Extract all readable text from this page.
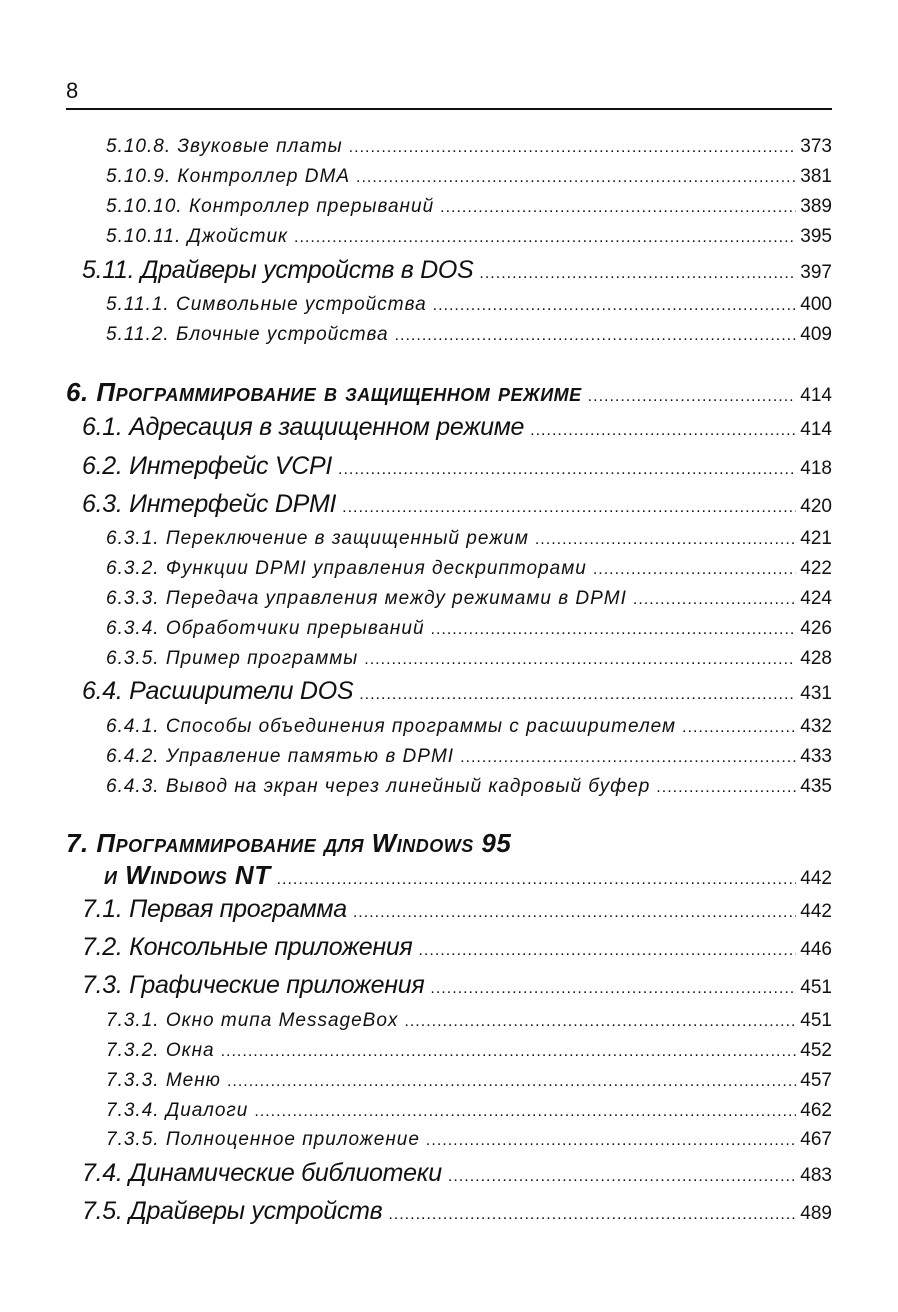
8
5.10.8. Звуковые платы .....	373
5.10.9. Контроллер DMA .....	381
5.10.10. Контроллер прерываний .....	389
5.10.11. Джойстик .....	395
5.11. Драйверы устройств в DOS .....	397
5.11.1. Символьные устройства .....	400
5.11.2. Блочные устройства .....	409
6. Программирование в защищенном режиме .....	414
6.1. Адресация в защищенном режиме .....	414
6.2. Интерфейс VCPI .....	418
6.3. Интерфейс DPMI .....	420
6.3.1. Переключение в защищенный режим .....	421
6.3.2. Функции DPMI управления дескрипторами .....	422
6.3.3. Передача управления между режимами в DPMI .....	424
6.3.4. Обработчики прерываний .....	426
6.3.5. Пример программы .....	428
6.4. Расширители DOS .....	431
6.4.1. Способы объединения программы с расширителем .....	432
6.4.2. Управление памятью в DPMI .....	433
6.4.3. Вывод на экран через линейный кадровый буфер .....	435
7. Программирование для Windows 95
и Windows NT .....	442
7.1. Первая программа .....	442
7.2. Консольные приложения .....	446
7.3. Графические приложения .....	451
7.3.1. Окно типа MessageBox .....	451
7.3.2. Окна .....	452
7.3.3. Меню .....	457
7.3.4. Диалоги .....	462
7.3.5. Полноценное приложение .....	467
7.4. Динамические библиотеки .....	483
7.5. Драйверы устройств .....	489
